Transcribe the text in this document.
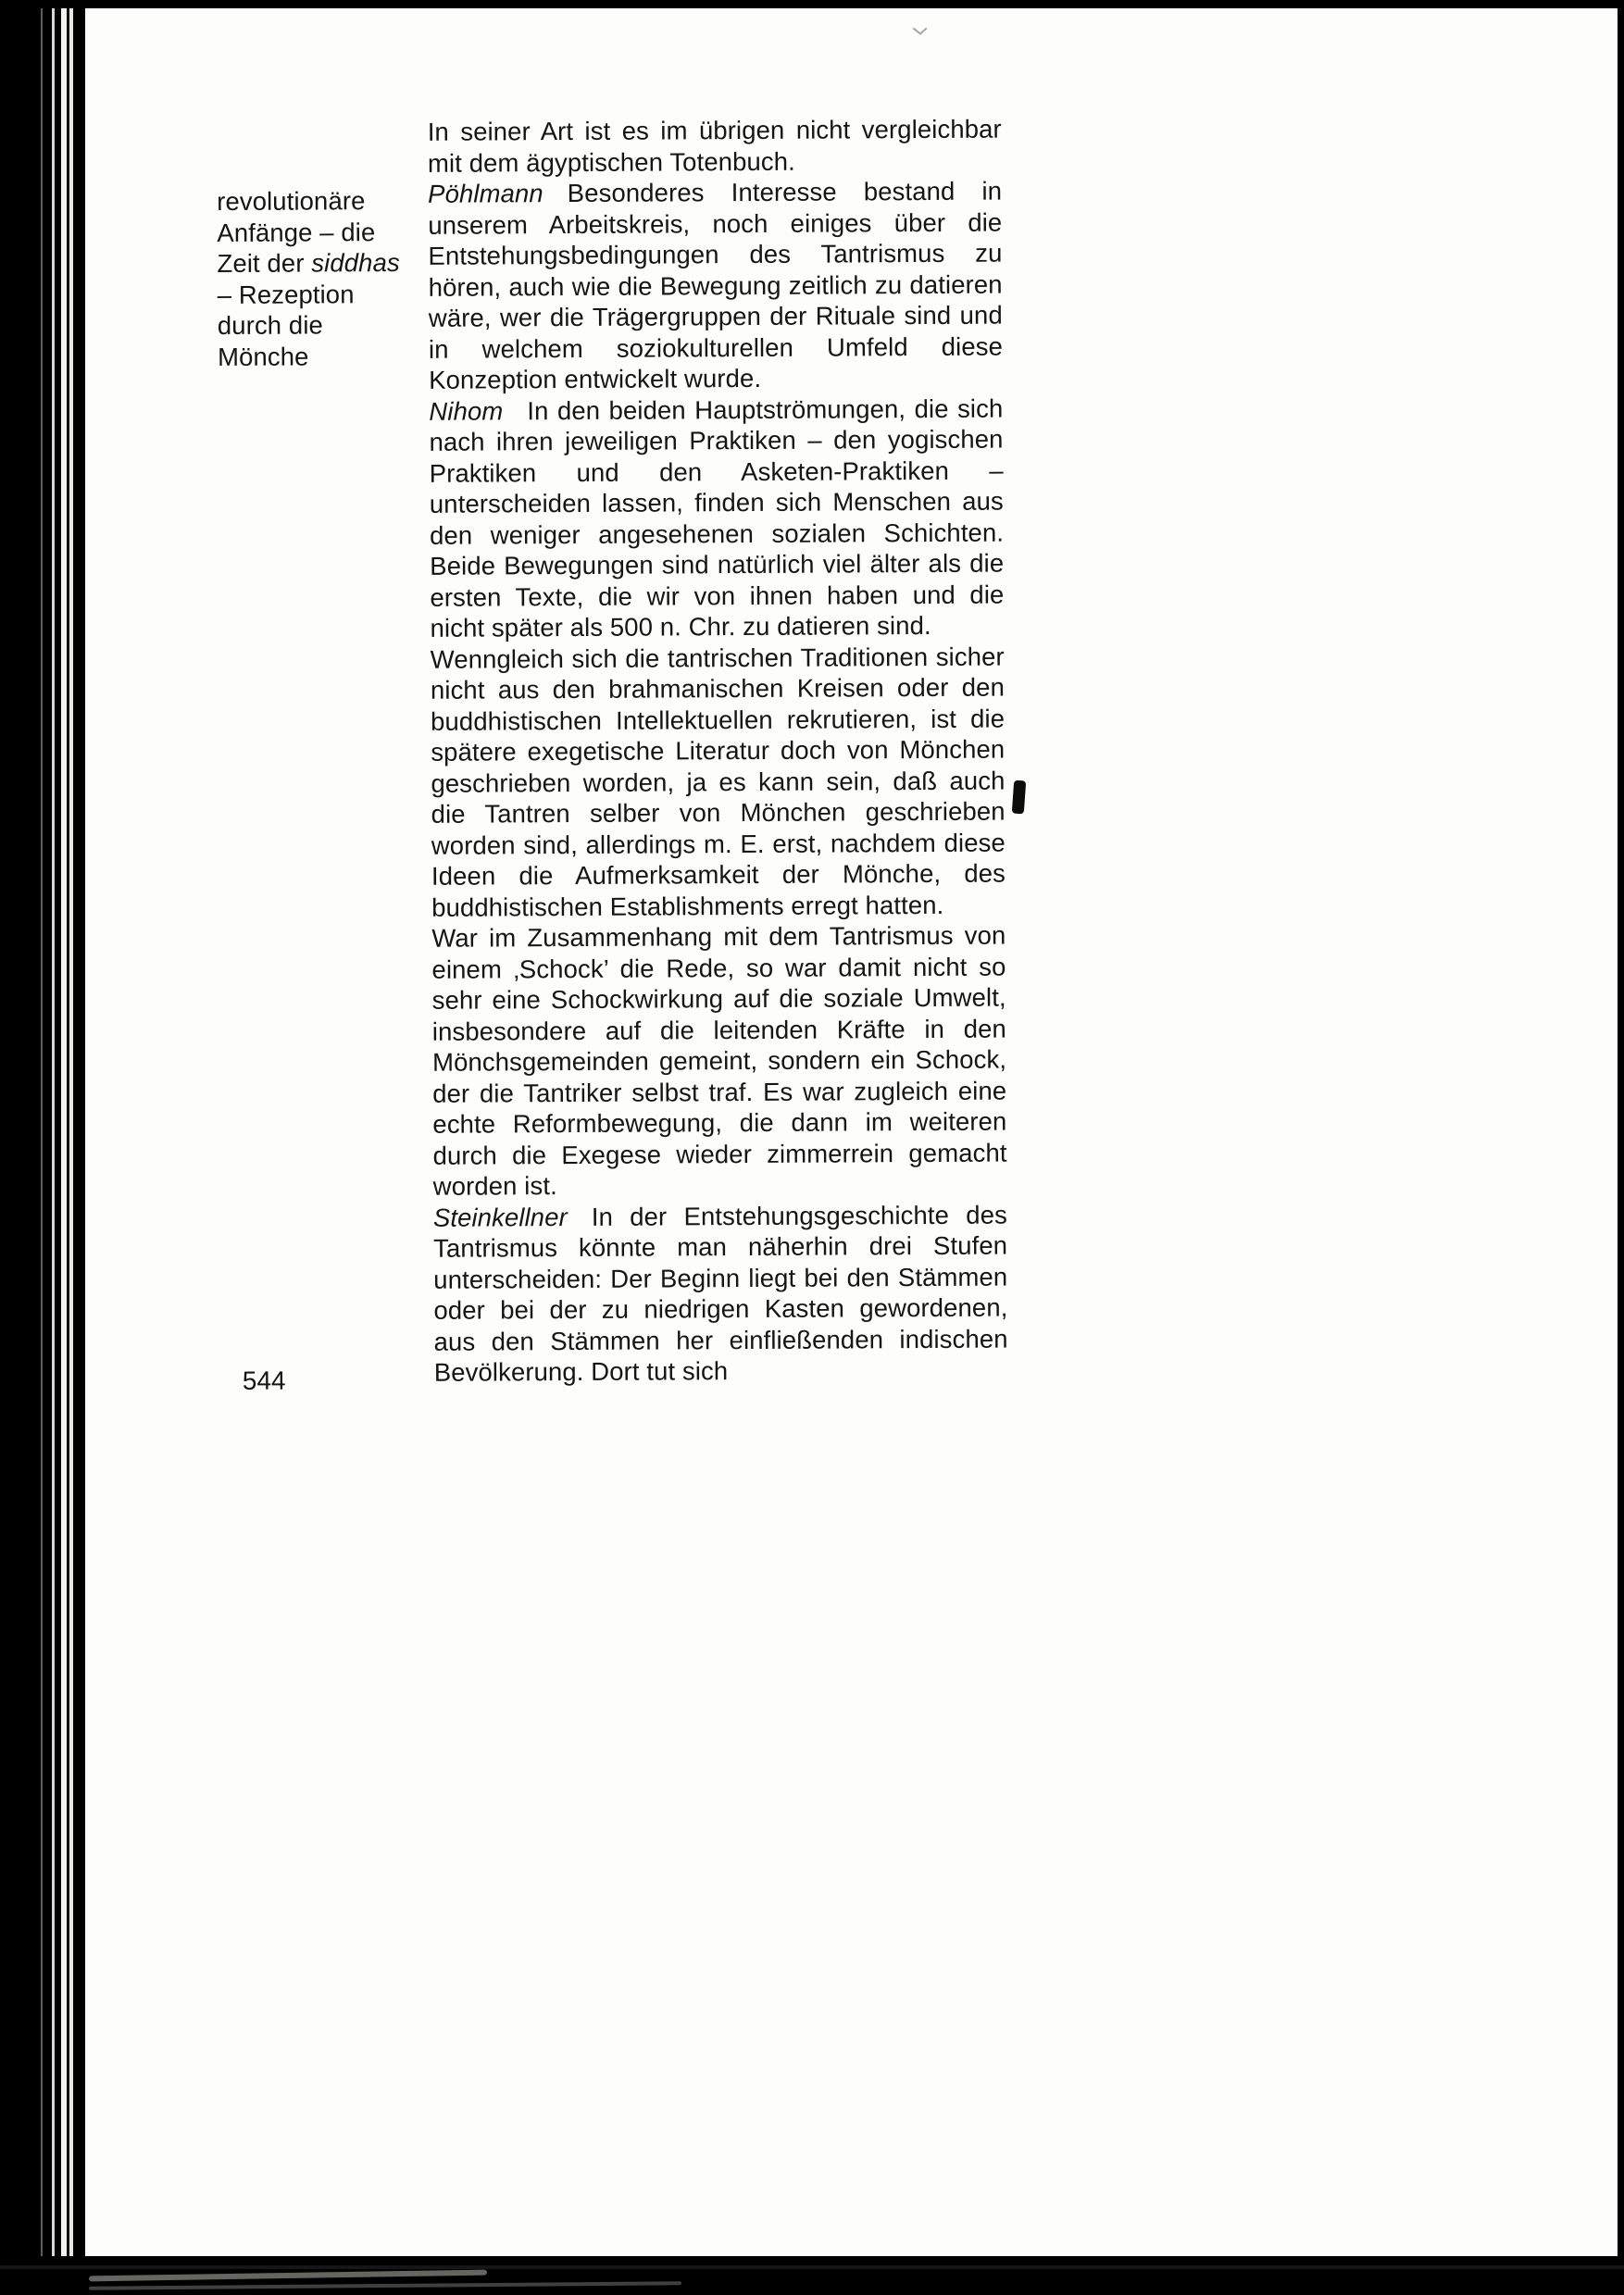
revolutionäre
Anfänge – die
Zeit der siddhas
– Rezeption
durch die
Mönche

In seiner Art ist es im übrigen nicht vergleichbar mit dem ägyptischen Totenbuch.

Pöhlmann Besonderes Interesse bestand in unserem Arbeitskreis, noch einiges über die Entstehungsbedingungen des Tantrismus zu hören, auch wie die Bewegung zeitlich zu datieren wäre, wer die Trägergruppen der Rituale sind und in welchem soziokulturellen Umfeld diese Konzeption entwickelt wurde.

Nihom In den beiden Hauptströmungen, die sich nach ihren jeweiligen Praktiken – den yogischen Praktiken und den Asketen-Praktiken – unterscheiden lassen, finden sich Menschen aus den weniger angesehenen sozialen Schichten. Beide Bewegungen sind natürlich viel älter als die ersten Texte, die wir von ihnen haben und die nicht später als 500 n. Chr. zu datieren sind.

Wenngleich sich die tantrischen Traditionen sicher nicht aus den brahmanischen Kreisen oder den buddhistischen Intellektuellen rekrutieren, ist die spätere exegetische Literatur doch von Mönchen geschrieben worden, ja es kann sein, daß auch die Tantren selber von Mönchen geschrieben worden sind, allerdings m. E. erst, nachdem diese Ideen die Aufmerksamkeit der Mönche, des buddhistischen Establishments erregt hatten.

War im Zusammenhang mit dem Tantrismus von einem ‚Schock’ die Rede, so war damit nicht so sehr eine Schockwirkung auf die soziale Umwelt, insbesondere auf die leitenden Kräfte in den Mönchsgemeinden gemeint, sondern ein Schock, der die Tantriker selbst traf. Es war zugleich eine echte Reformbewegung, die dann im weiteren durch die Exegese wieder zimmerrein gemacht worden ist.

Steinkellner In der Entstehungsgeschichte des Tantrismus könnte man näherhin drei Stufen unterscheiden: Der Beginn liegt bei den Stämmen oder bei der zu niedrigen Kasten gewordenen, aus den Stämmen her einfließenden indischen Bevölkerung. Dort tut sich

544
